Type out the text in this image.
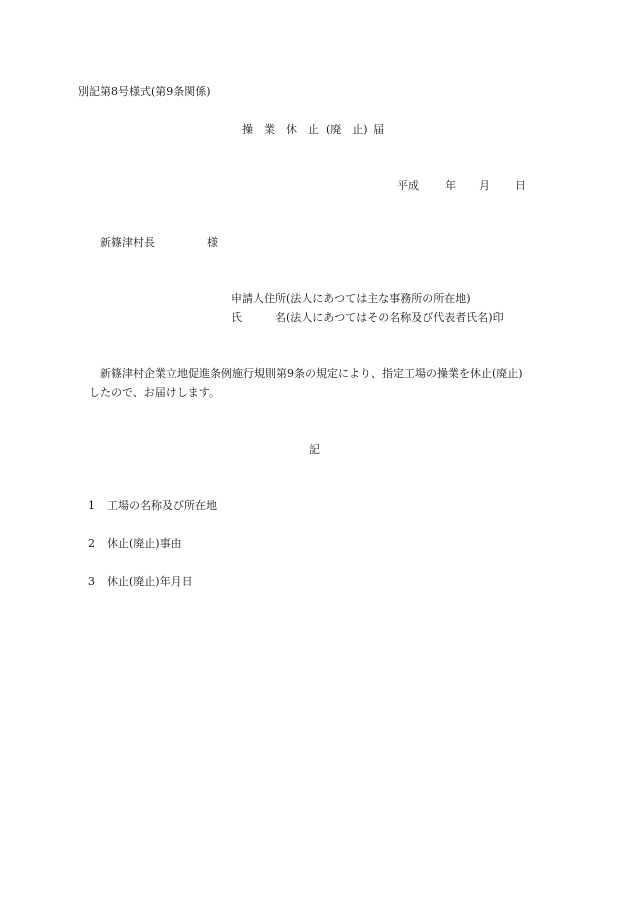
別記第8号様式(第9条関係)
操　業　休　止 (廃　止) 届
平成 年 月 日
新篠津村長	様
申請人住所 (法人にあつては主な事務所の所在地)
氏	名 (法人にあつてはその名称及び代表者氏名)印
新篠津村企業立地促進条例施行規則第9条の規定により、指定工場の操業を休止(廃止)
したので、お届けします。
記
1 工場の名称及び所在地
2 休止(廃止)事由
3 休止(廃止)年月日
